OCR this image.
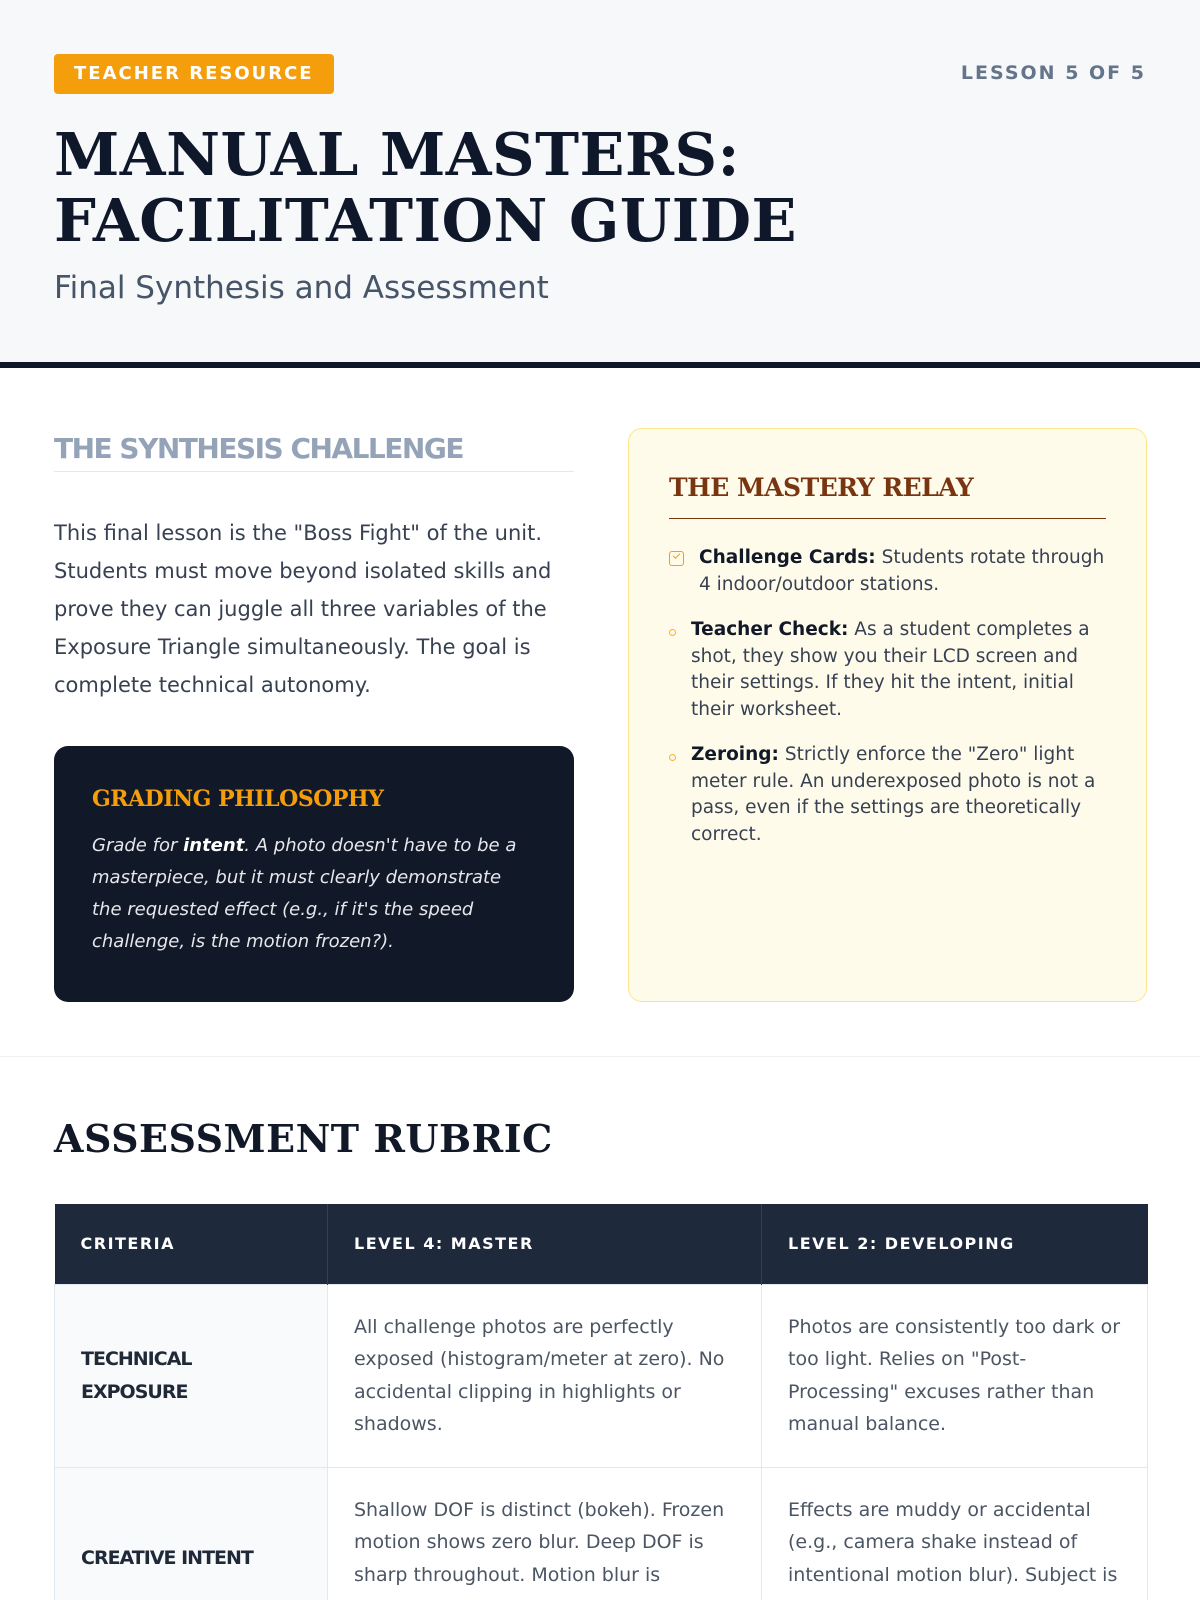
TEACHER RESOURCE	LESSON 5 OF 5
MANUAL MASTERS: FACILITATION GUIDE
Final Synthesis and Assessment
THE SYNTHESIS CHALLENGE

This final lesson is the "Boss Fight" of the unit. Students must move beyond isolated skills and prove they can juggle all three variables of the Exposure Triangle simultaneously. The goal is complete technical autonomy.

GRADING PHILOSOPHY

Grade for intent. A photo doesn't have to be a masterpiece, but it must clearly demonstrate the requested effect (e.g., if it's the speed challenge, is the motion frozen?).

THE MASTERY RELAY
Challenge Cards: Students rotate through 4 indoor/outdoor stations.
Teacher Check: As a student completes a shot, they show you their LCD screen and their settings. If they hit the intent, initial their worksheet.
Zeroing: Strictly enforce the "Zero" light meter rule. An underexposed photo is not a pass, even if the settings are theoretically correct.
ASSESSMENT RUBRIC
CRITERIA	LEVEL 4: MASTER	LEVEL 2: DEVELOPING
TECHNICAL EXPOSURE	All challenge photos are perfectly exposed (histogram/meter at zero). No accidental clipping in highlights or shadows.	Photos are consistently too dark or too light. Relies on "Post-Processing" excuses rather than manual balance.
CREATIVE INTENT	Shallow DOF is distinct (bokeh). Frozen motion shows zero blur. Deep DOF is sharp throughout. Motion blur is	Effects are muddy or accidental (e.g., camera shake instead of intentional motion blur). Subject is
